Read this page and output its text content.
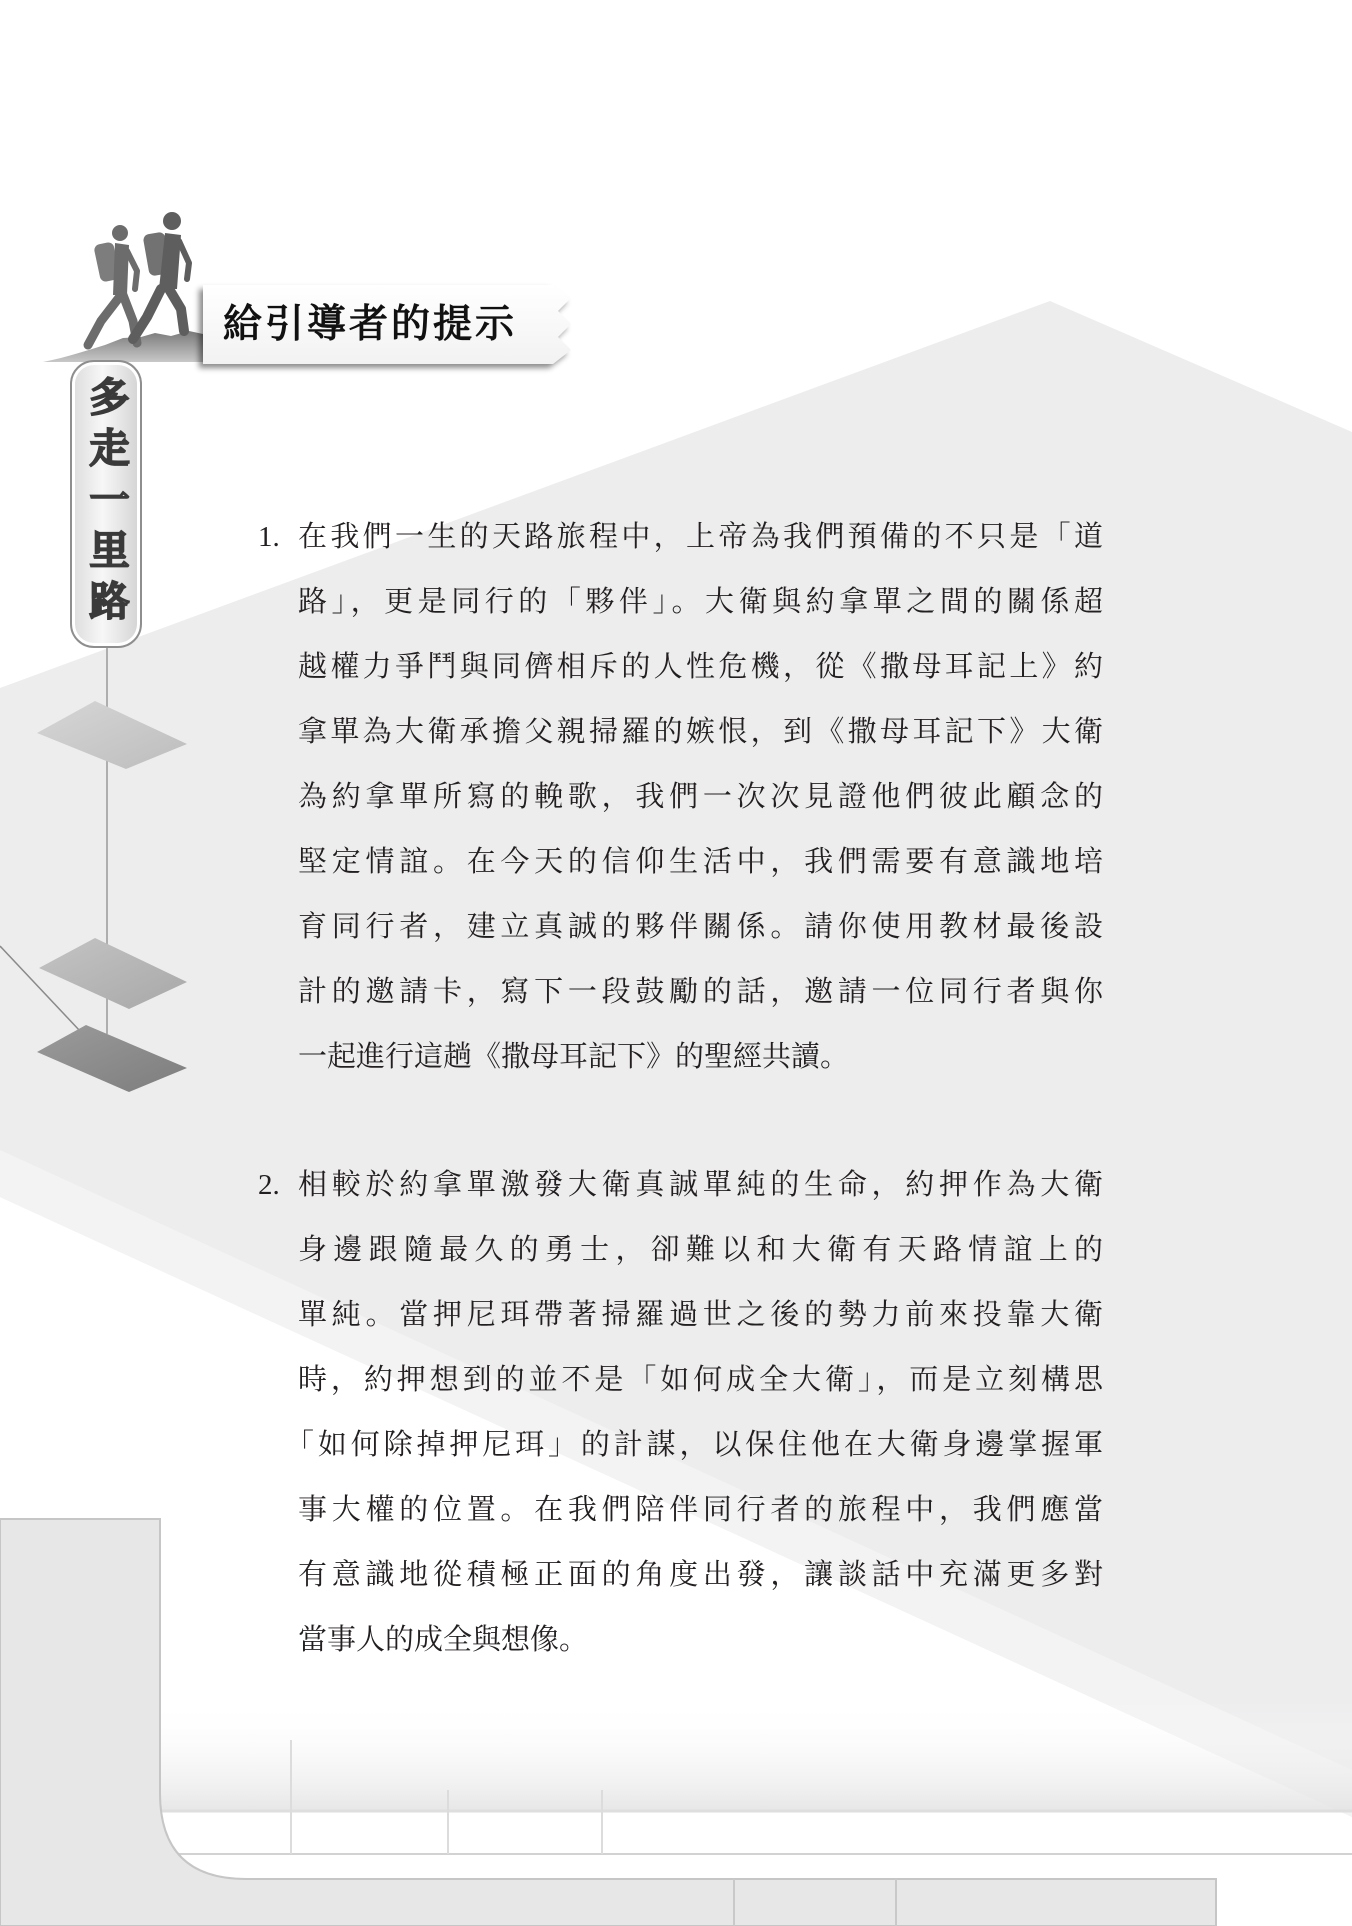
給引導者的提示
多走一里路	1. 在我們一生的天路旅程中，上帝為我們預備的不只是「道
路」，更是同行的「夥伴」。大衛與約拿單之間的關係超
越權力爭鬥與同儕相斥的人性危機，從《撒母耳記上》約
拿單為大衛承擔父親掃羅的嫉恨，到《撒母耳記下》大衛
為約拿單所寫的輓歌，我們一次次見證他們彼此顧念的
堅定情誼。在今天的信仰生活中，我們需要有意識地培
育同行者，建立真誠的夥伴關係。請你使用教材最後設
計的邀請卡，寫下一段鼓勵的話，邀請一位同行者與你
一起進行這趟《撒母耳記下》的聖經共讀。
2. 相較於約拿單激發大衛真誠單純的生命，約押作為大衛
身邊跟隨最久的勇士，卻難以和大衛有天路情誼上的
單純。當押尼珥帶著掃羅過世之後的勢力前來投靠大衛
時，約押想到的並不是「如何成全大衛」，而是立刻構思
「如何除掉押尼珥」的計謀，以保住他在大衛身邊掌握軍
事大權的位置。在我們陪伴同行者的旅程中，我們應當
有意識地從積極正面的角度出發，讓談話中充滿更多對
當事人的成全與想像。
